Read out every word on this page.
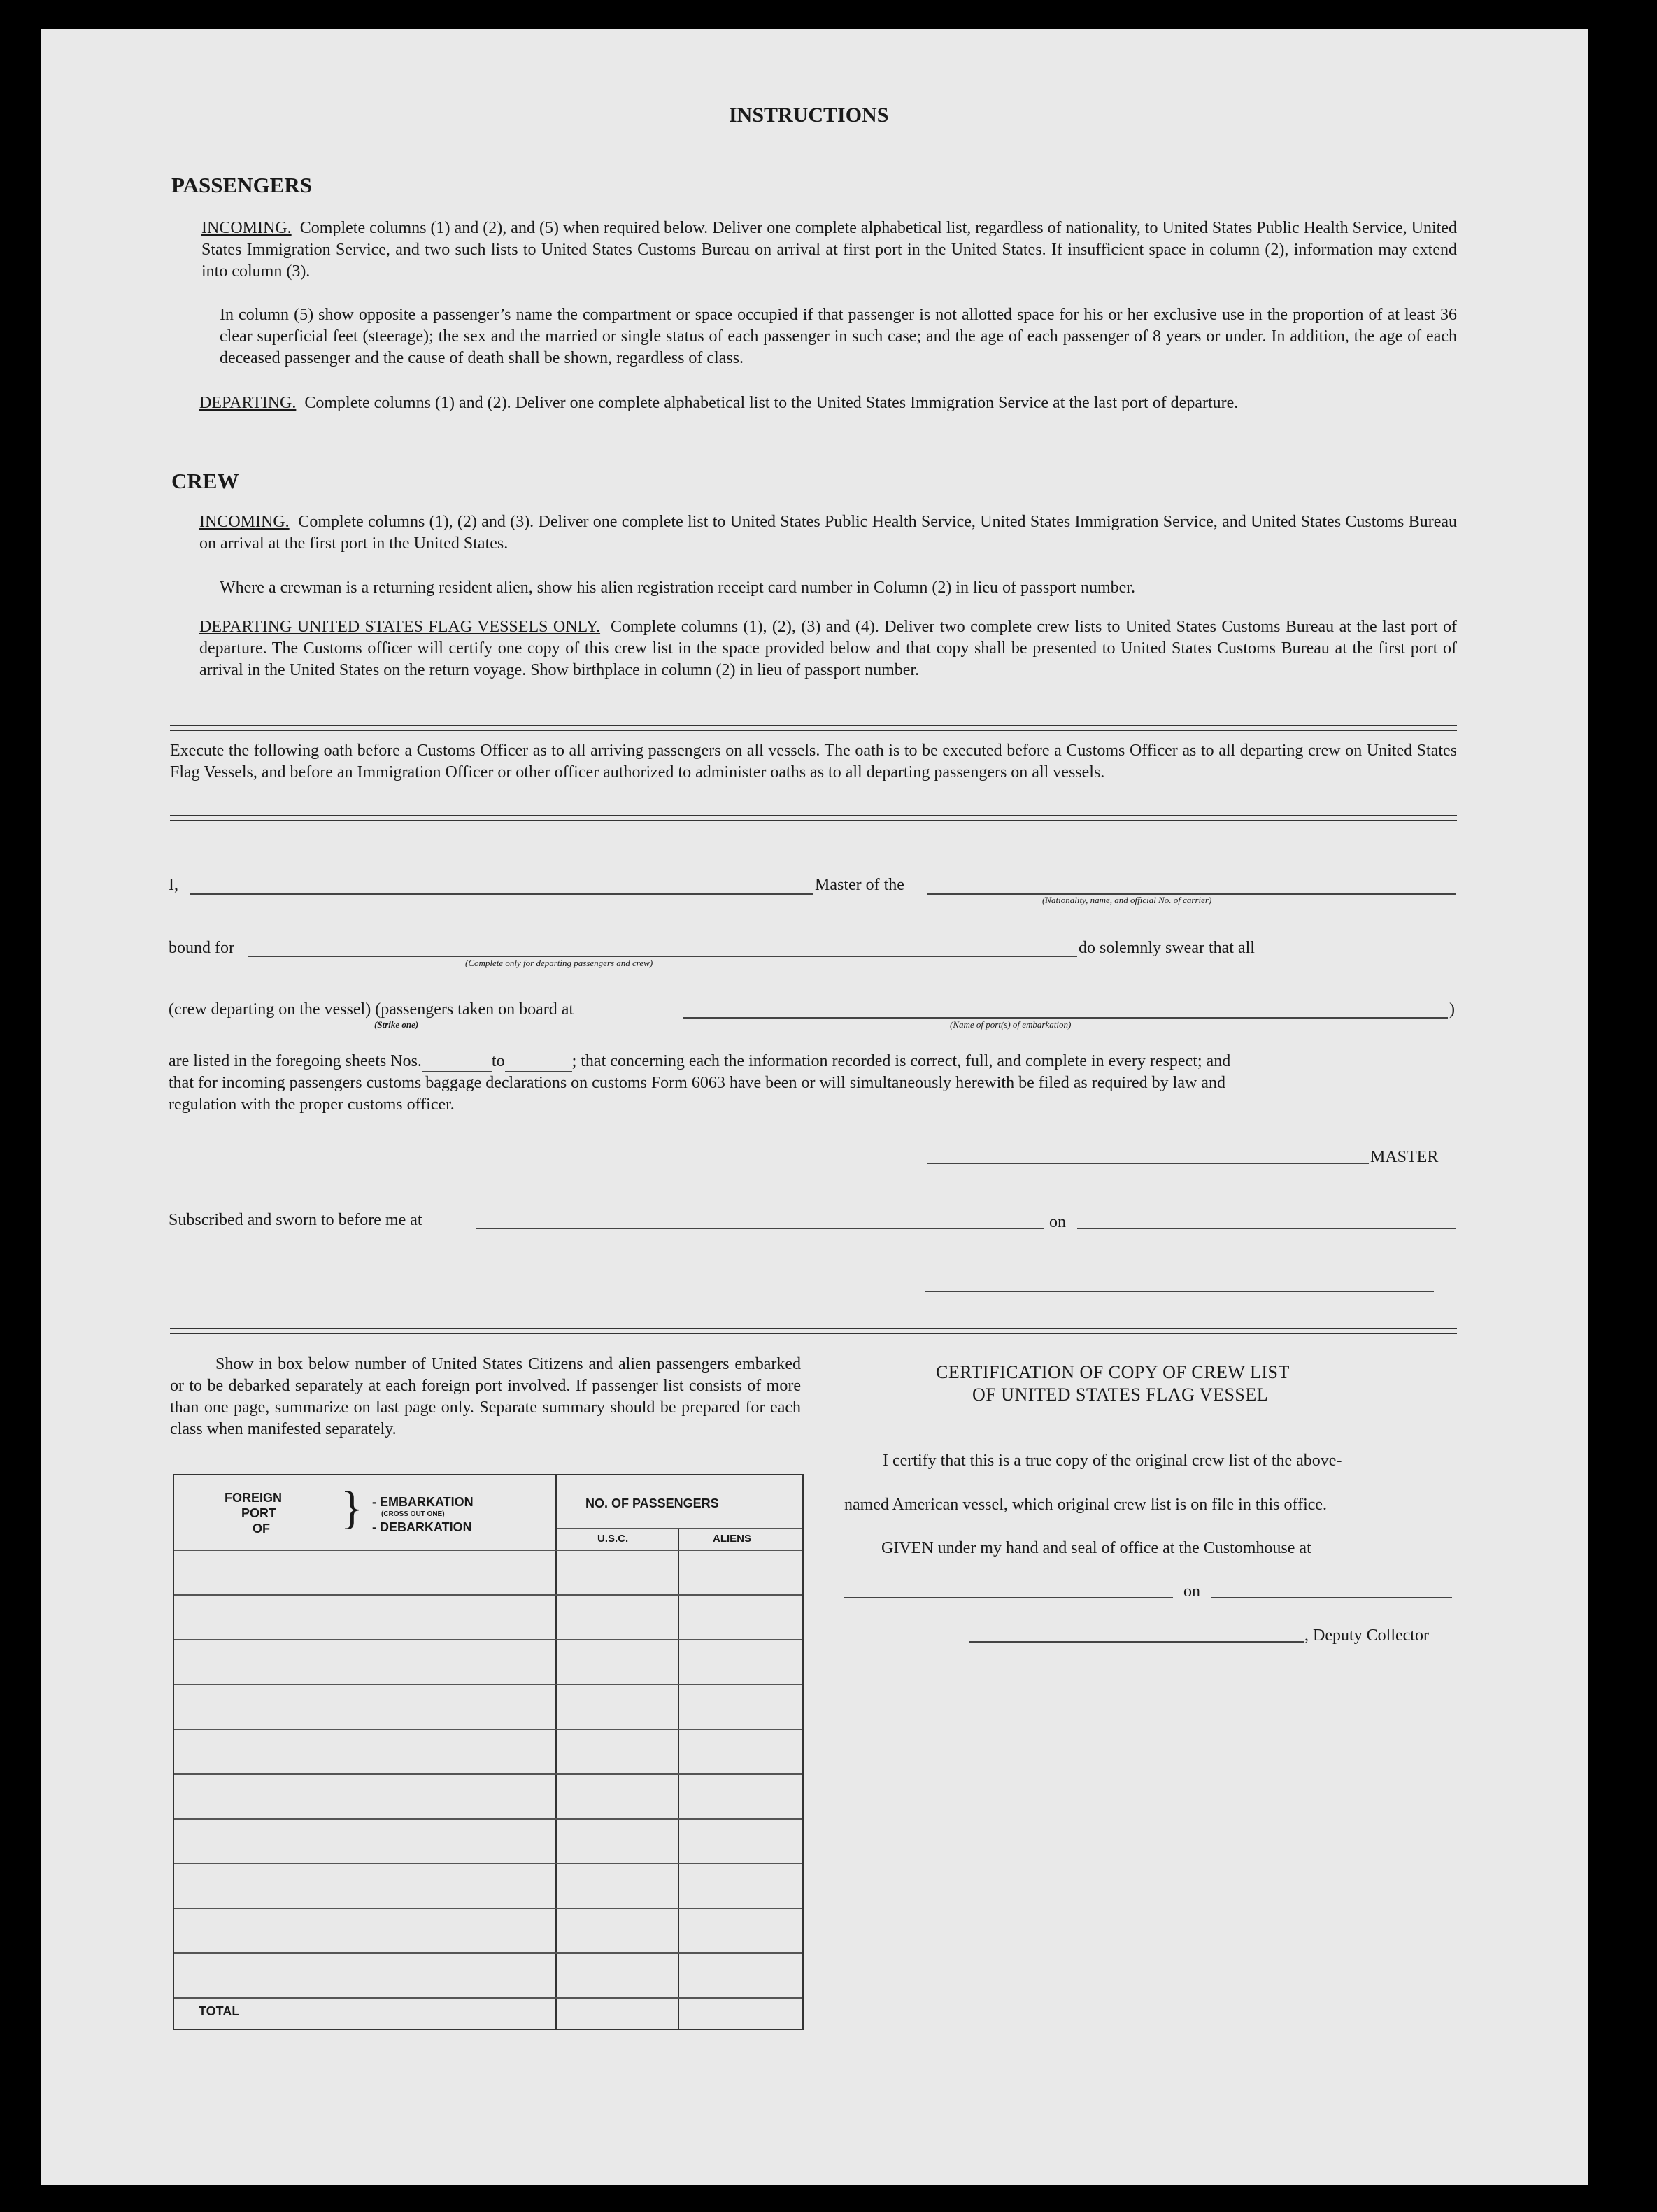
INSTRUCTIONS
PASSENGERS
INCOMING. Complete columns (1) and (2), and (5) when required below. Deliver one complete alphabetical list, regardless of nationality, to United States Public Health Service, United States Immigration Service, and two such lists to United States Customs Bureau on arrival at first port in the United States. If insufficient space in column (2), information may extend into column (3).
In column (5) show opposite a passenger’s name the compartment or space occupied if that passenger is not allotted space for his or her exclusive use in the proportion of at least 36 clear superficial feet (steerage); the sex and the married or single status of each passenger in such case; and the age of each passenger of 8 years or under. In addition, the age of each deceased passenger and the cause of death shall be shown, regardless of class.
DEPARTING. Complete columns (1) and (2). Deliver one complete alphabetical list to the United States Immigration Service at the last port of departure.
CREW
INCOMING. Complete columns (1), (2) and (3). Deliver one complete list to United States Public Health Service, United States Immigration Service, and United States Customs Bureau on arrival at the first port in the United States.
Where a crewman is a returning resident alien, show his alien registration receipt card number in Column (2) in lieu of passport number.
DEPARTING UNITED STATES FLAG VESSELS ONLY. Complete columns (1), (2), (3) and (4). Deliver two complete crew lists to United States Customs Bureau at the last port of departure. The Customs officer will certify one copy of this crew list in the space provided below and that copy shall be presented to United States Customs Bureau at the first port of arrival in the United States on the return voyage. Show birthplace in column (2) in lieu of passport number.
Execute the following oath before a Customs Officer as to all arriving passengers on all vessels. The oath is to be executed before a Customs Officer as to all departing crew on United States Flag Vessels, and before an Immigration Officer or other officer authorized to administer oaths as to all departing passengers on all vessels.
I,	Master of the
(Nationality, name, and official No. of carrier)
bound for
(Complete only for departing passengers and crew)
do solemnly swear that all
(crew departing on the vessel) (passengers taken on board at	)
(Strike one)	(Name of port(s) of embarkation)
are listed in the foregoing sheets Nos.	to	; that concerning each the information recorded is correct, full, and complete in every respect; and
that for incoming passengers customs baggage declarations on customs Form 6063 have been or will simultaneously herewith be filed as required by law and
regulation with the proper customs officer.
MASTER
Subscribed and sworn to before me at	on
Show in box below number of United States Citizens and alien passengers embarked or to be debarked separately at each foreign port involved. If passenger list consists of more than one page, summarize on last page only. Separate summary should be prepared for each class when manifested separately.
FOREIGN
PORT
OF } - EMBARKATION
(CROSS OUT ONE)
- DEBARKATION
NO. OF PASSENGERS
U.S.C.	ALIENS
TOTAL
CERTIFICATION OF COPY OF CREW LIST
OF UNITED STATES FLAG VESSEL
I certify that this is a true copy of the original crew list of the above-
named American vessel, which original crew list is on file in this office.
GIVEN under my hand and seal of office at the Customhouse at
on
, Deputy Collector
